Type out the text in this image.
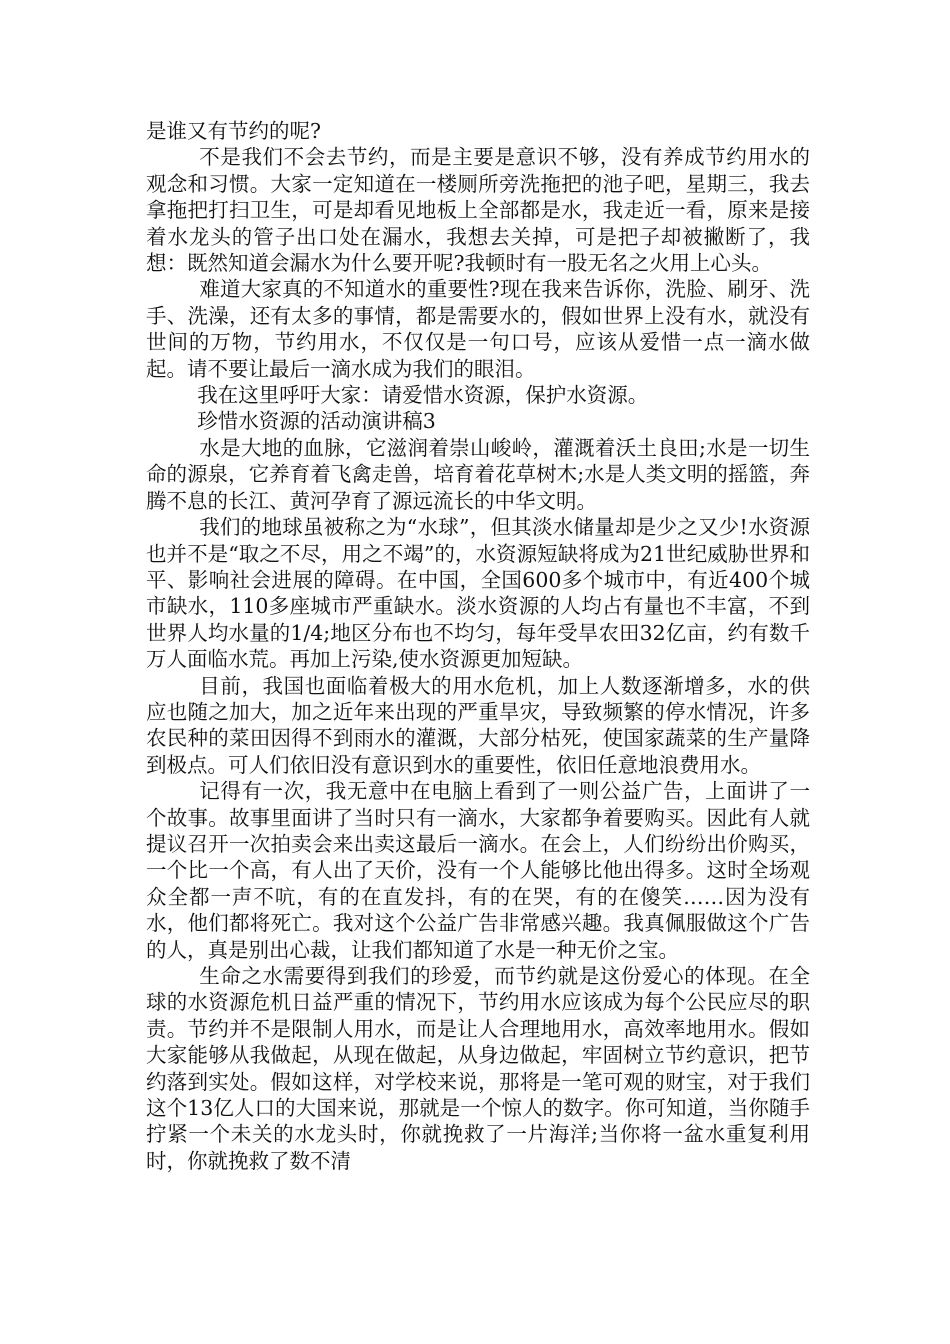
是谁又有节约的呢?

不是我们不会去节约，而是主要是意识不够，没有养成节约用水的观念和习惯。大家一定知道在一楼厕所旁洗拖把的池子吧，星期三，我去拿拖把打扫卫生，可是却看见地板上全部都是水，我走近一看，原来是接着水龙头的管子出口处在漏水，我想去关掉，可是把子却被撇断了，我想：既然知道会漏水为什么要开呢?我顿时有一股无名之火用上心头。

难道大家真的不知道水的重要性?现在我来告诉你，洗脸、刷牙、洗手、洗澡，还有太多的事情，都是需要水的，假如世界上没有水，就没有世间的万物，节约用水，不仅仅是一句口号，应该从爱惜一点一滴水做起。请不要让最后一滴水成为我们的眼泪。

我在这里呼吁大家：请爱惜水资源，保护水资源。

珍惜水资源的活动演讲稿3

水是大地的血脉，它滋润着崇山峻岭，灌溉着沃土良田;水是一切生命的源泉，它养育着飞禽走兽，培育着花草树木;水是人类文明的摇篮，奔腾不息的长江、黄河孕育了源远流长的中华文明。

我们的地球虽被称之为“水球”，但其淡水储量却是少之又少!水资源也并不是“取之不尽，用之不竭”的，水资源短缺将成为21世纪威胁世界和平、影响社会进展的障碍。在中国，全国600多个城市中，有近400个城市缺水，110多座城市严重缺水。淡水资源的人均占有量也不丰富，不到世界人均水量的1/4;地区分布也不均匀，每年受旱农田32亿亩，约有数千万人面临水荒。再加上污染,使水资源更加短缺。

目前，我国也面临着极大的用水危机，加上人数逐渐增多，水的供应也随之加大，加之近年来出现的严重旱灾，导致频繁的停水情况，许多农民种的菜田因得不到雨水的灌溉，大部分枯死，使国家蔬菜的生产量降到极点。可人们依旧没有意识到水的重要性，依旧任意地浪费用水。

记得有一次，我无意中在电脑上看到了一则公益广告，上面讲了一个故事。故事里面讲了当时只有一滴水，大家都争着要购买。因此有人就提议召开一次拍卖会来出卖这最后一滴水。在会上，人们纷纷出价购买，一个比一个高，有人出了天价，没有一个人能够比他出得多。这时全场观众全都一声不吭，有的在直发抖，有的在哭，有的在傻笑……因为没有水，他们都将死亡。我对这个公益广告非常感兴趣。我真佩服做这个广告的人，真是别出心裁，让我们都知道了水是一种无价之宝。

生命之水需要得到我们的珍爱，而节约就是这份爱心的体现。在全球的水资源危机日益严重的情况下，节约用水应该成为每个公民应尽的职责。节约并不是限制人用水，而是让人合理地用水，高效率地用水。假如大家能够从我做起，从现在做起，从身边做起，牢固树立节约意识，把节约落到实处。假如这样，对学校来说，那将是一笔可观的财宝，对于我们这个13亿人口的大国来说，那就是一个惊人的数字。你可知道，当你随手拧紧一个未关的水龙头时，你就挽救了一片海洋;当你将一盆水重复利用时，你就挽救了数不清
